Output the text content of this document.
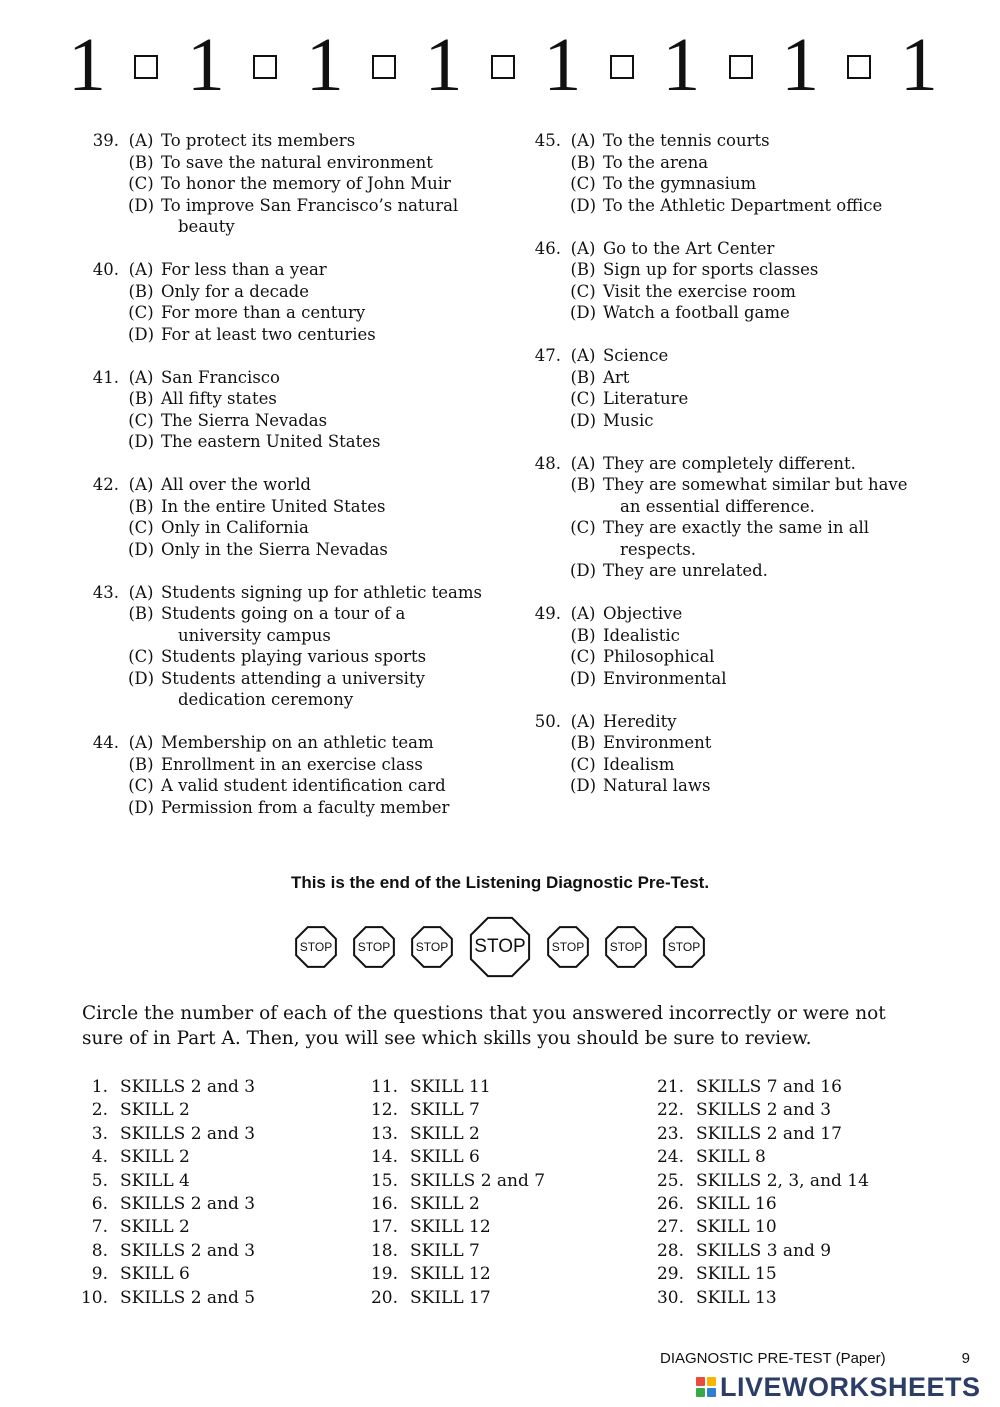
1 1 1 1 1 1 1 1
39. (A) To protect its members
(B) To save the natural environment
(C) To honor the memory of John Muir
(D) To improve San Francisco’s natural
beauty
40. (A) For less than a year
(B) Only for a decade
(C) For more than a century
(D) For at least two centuries
41. (A) San Francisco
(B) All fifty states
(C) The Sierra Nevadas
(D) The eastern United States
42. (A) All over the world
(B) In the entire United States
(C) Only in California
(D) Only in the Sierra Nevadas
43. (A) Students signing up for athletic teams
(B) Students going on a tour of a
university campus
(C) Students playing various sports
(D) Students attending a university
dedication ceremony
44. (A) Membership on an athletic team
(B) Enrollment in an exercise class
(C) A valid student identification card
(D) Permission from a faculty member
45. (A) To the tennis courts
(B) To the arena
(C) To the gymnasium
(D) To the Athletic Department office
46. (A) Go to the Art Center
(B) Sign up for sports classes
(C) Visit the exercise room
(D) Watch a football game
47. (A) Science
(B) Art
(C) Literature
(D) Music
48. (A) They are completely different.
(B) They are somewhat similar but have
an essential difference.
(C) They are exactly the same in all
respects.
(D) They are unrelated.
49. (A) Objective
(B) Idealistic
(C) Philosophical
(D) Environmental
50. (A) Heredity
(B) Environment
(C) Idealism
(D) Natural laws
This is the end of the Listening Diagnostic Pre-Test.
STOP	STOP	STOP	STOP	STOP	STOP	STOP
Circle the number of each of the questions that you answered incorrectly or were not sure of in Part A. Then, you will see which skills you should be sure to review.
1. SKILLS 2 and 3
2. SKILL 2
3. SKILLS 2 and 3
4. SKILL 2
5. SKILL 4
6. SKILLS 2 and 3
7. SKILL 2
8. SKILLS 2 and 3
9. SKILL 6
10. SKILLS 2 and 5
11. SKILL 11
12. SKILL 7
13. SKILL 2
14. SKILL 6
15. SKILLS 2 and 7
16. SKILL 2
17. SKILL 12
18. SKILL 7
19. SKILL 12
20. SKILL 17
21. SKILLS 7 and 16
22. SKILLS 2 and 3
23. SKILLS 2 and 17
24. SKILL 8
25. SKILLS 2, 3, and 14
26. SKILL 16
27. SKILL 10
28. SKILLS 3 and 9
29. SKILL 15
30. SKILL 13
DIAGNOSTIC PRE-TEST (Paper)	9
LIVEWORKSHEETS
